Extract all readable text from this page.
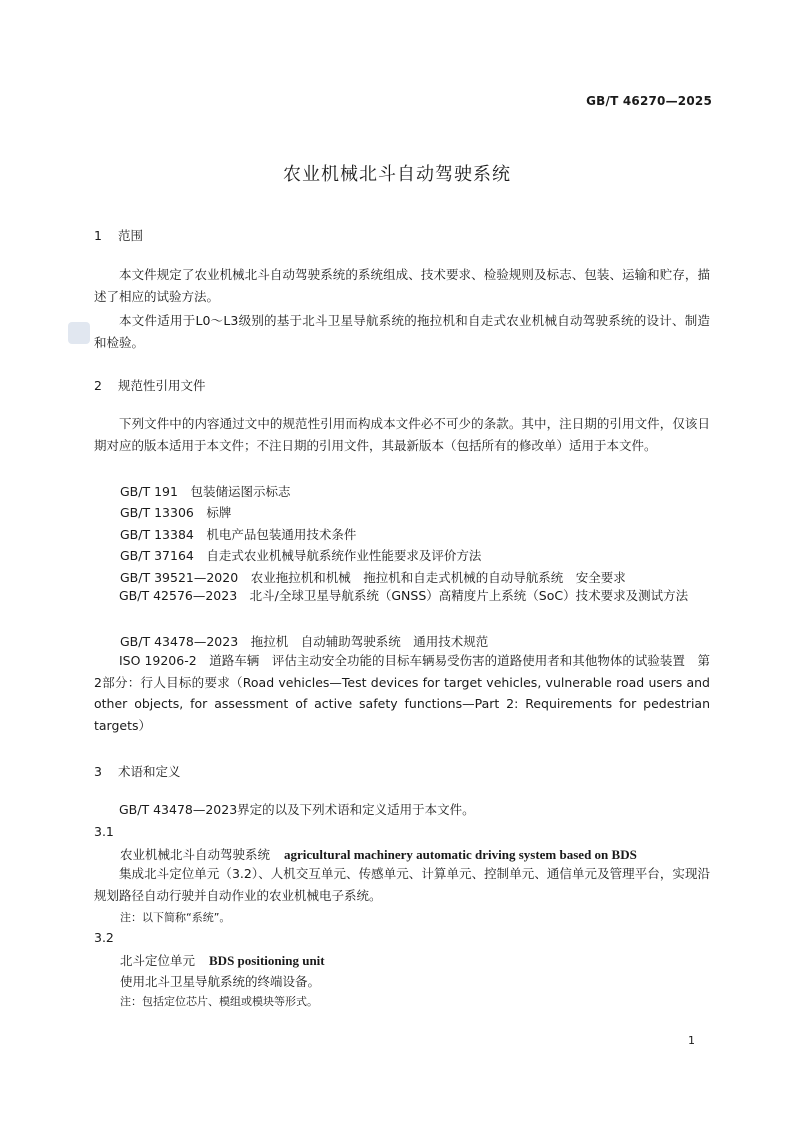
GB/T 46270—2025
农业机械北斗自动驾驶系统
1 范围

本文件规定了农业机械北斗自动驾驶系统的系统组成、技术要求、检验规则及标志、包装、运输和贮存，描述了相应的试验方法。

本文件适用于L0～L3级别的基于北斗卫星导航系统的拖拉机和自走式农业机械自动驾驶系统的设计、制造和检验。

2 规范性引用文件

下列文件中的内容通过文中的规范性引用而构成本文件必不可少的条款。其中，注日期的引用文件，仅该日期对应的版本适用于本文件；不注日期的引用文件，其最新版本（包括所有的修改单）适用于本文件。

GB/T 191　 包装储运图示标志
GB/T 13306　 标牌
GB/T 13384　 机电产品包装通用技术条件
GB/T 37164　 自走式农业机械导航系统作业性能要求及评价方法
GB/T 39521—2020　 农业拖拉机和机械　拖拉机和自走式机械的自动导航系统　安全要求

GB/T 42576—2023　北斗/全球卫星导航系统（GNSS）高精度片上系统（SoC）技术要求及测试方法

GB/T 43478—2023　 拖拉机　自动辅助驾驶系统　通用技术规范

ISO 19206-2　道路车辆　评估主动安全功能的目标车辆易受伤害的道路使用者和其他物体的试验装置　第2部分：行人目标的要求（Road vehicles—Test devices for target vehicles, vulnerable road users and other objects, for assessment of active safety functions—Part 2: Requirements for pedestrian targets）

3 术语和定义

GB/T 43478—2023界定的以及下列术语和定义适用于本文件。

3.1
农业机械北斗自动驾驶系统 agricultural machinery automatic driving system based on BDS

集成北斗定位单元（3.2）、人机交互单元、传感单元、计算单元、控制单元、通信单元及管理平台，实现沿规划路径自动行驶并自动作业的农业机械电子系统。

注：以下简称“系统”。
3.2
北斗定位单元 BDS positioning unit
使用北斗卫星导航系统的终端设备。
注：包括定位芯片、模组或模块等形式。
1
